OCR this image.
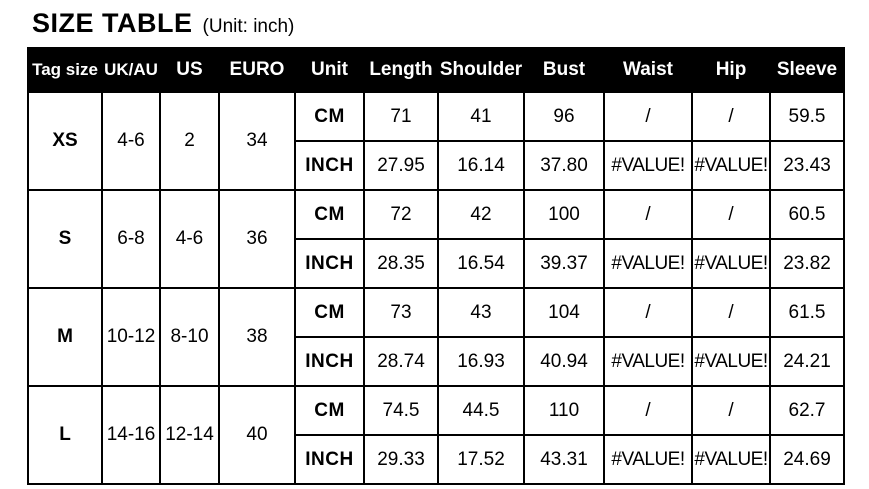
SIZE TABLE (Unit: inch)
Tag size	UK/AU	US	EURO	Unit	Length	Shoulder	Bust	Waist	Hip	Sleeve
XS	4-6	2	34	CM	71	41	96	/	/	59.5
				INCH	27.95	16.14	37.80	#VALUE!	#VALUE!	23.43
S	6-8	4-6	36	CM	72	42	100	/	/	60.5
				INCH	28.35	16.54	39.37	#VALUE!	#VALUE!	23.82
M	10-12	8-10	38	CM	73	43	104	/	/	61.5
				INCH	28.74	16.93	40.94	#VALUE!	#VALUE!	24.21
L	14-16	12-14	40	CM	74.5	44.5	110	/	/	62.7
				INCH	29.33	17.52	43.31	#VALUE!	#VALUE!	24.69
